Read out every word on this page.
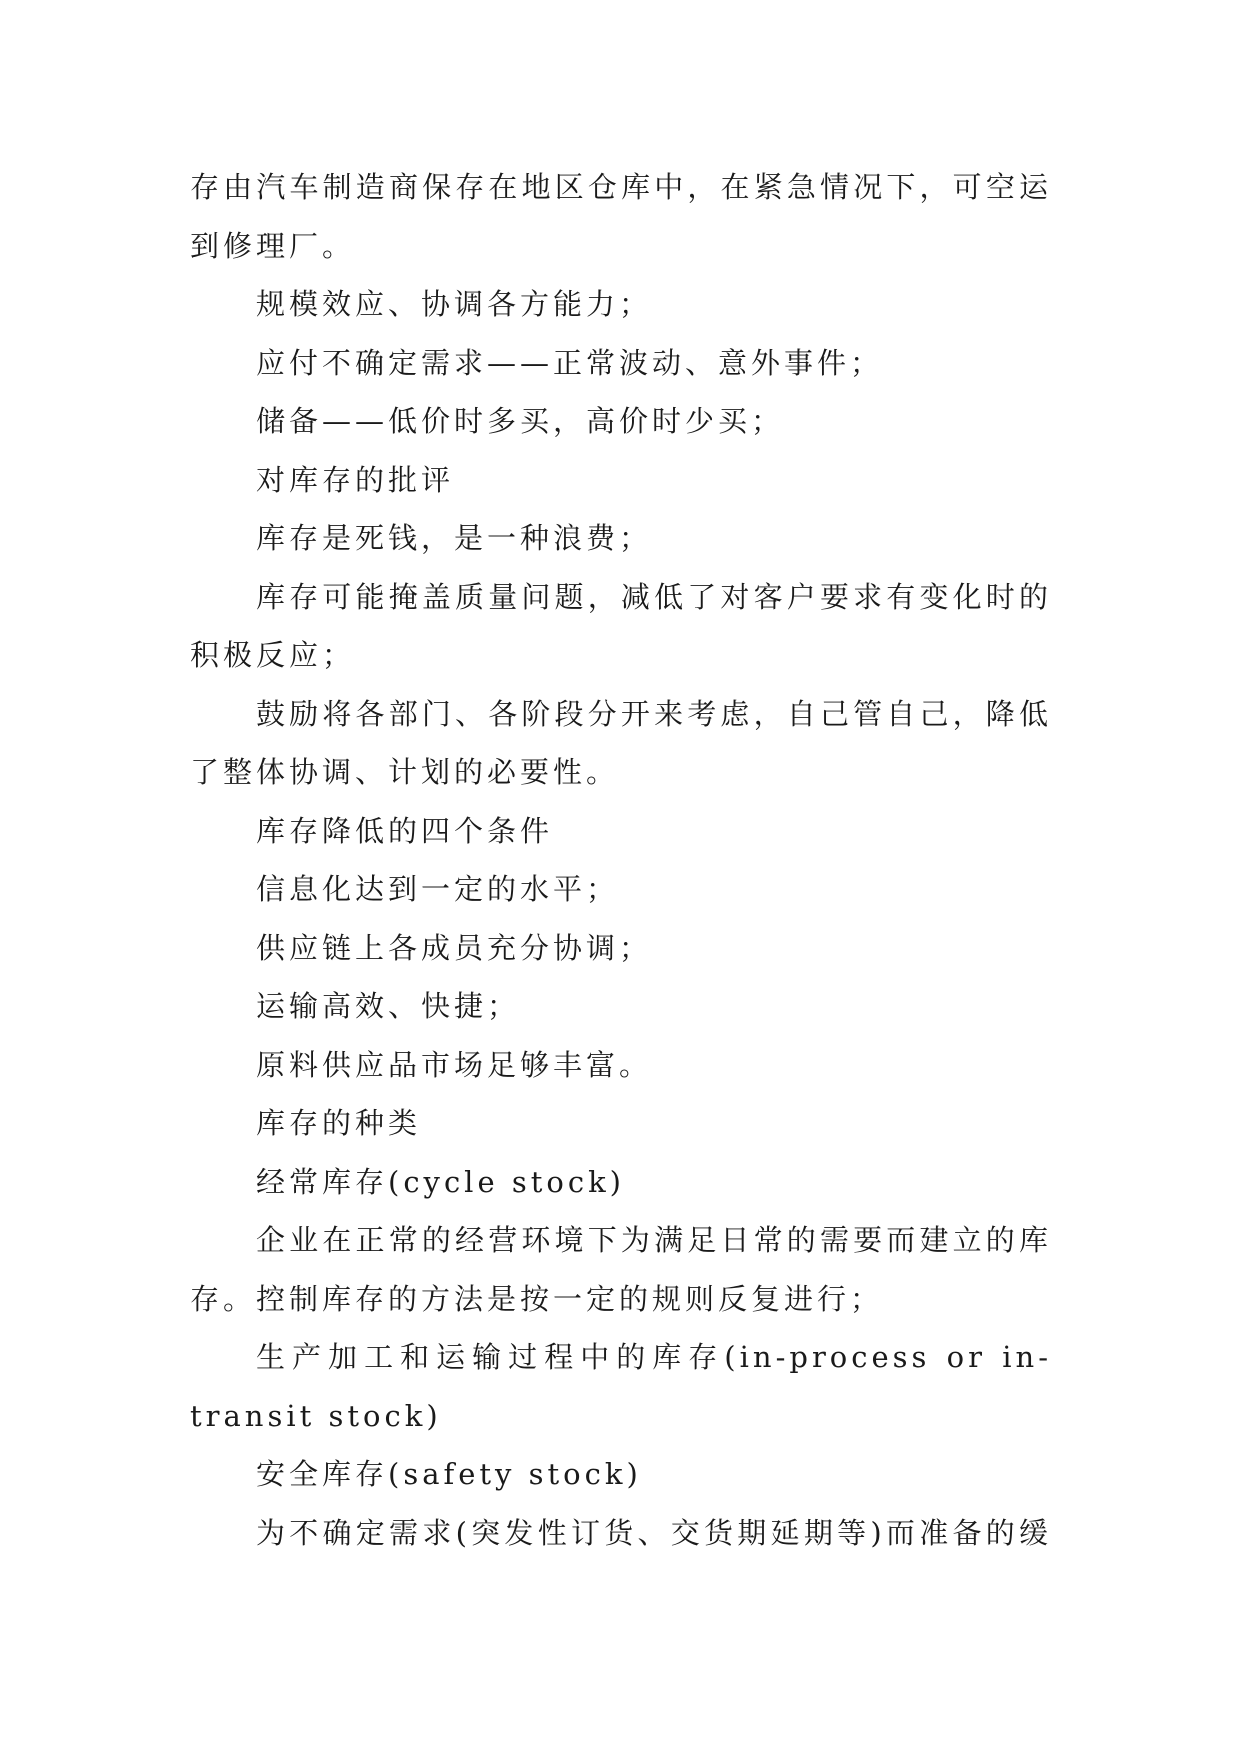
存由汽车制造商保存在地区仓库中，在紧急情况下，可空运到修理厂。

规模效应、协调各方能力；

应付不确定需求——正常波动、意外事件；

储备——低价时多买，高价时少买；

对库存的批评

库存是死钱，是一种浪费；

库存可能掩盖质量问题，减低了对客户要求有变化时的积极反应；

鼓励将各部门、各阶段分开来考虑，自己管自己，降低了整体协调、计划的必要性。

库存降低的四个条件

信息化达到一定的水平；

供应链上各成员充分协调；

运输高效、快捷；

原料供应品市场足够丰富。

库存的种类

经常库存(cycle stock)

企业在正常的经营环境下为满足日常的需要而建立的库存。控制库存的方法是按一定的规则反复进行；

生产加工和运输过程中的库存(in-process or in-transit stock)

安全库存(safety stock)

为不确定需求(突发性订货、交货期延期等)而准备的缓
